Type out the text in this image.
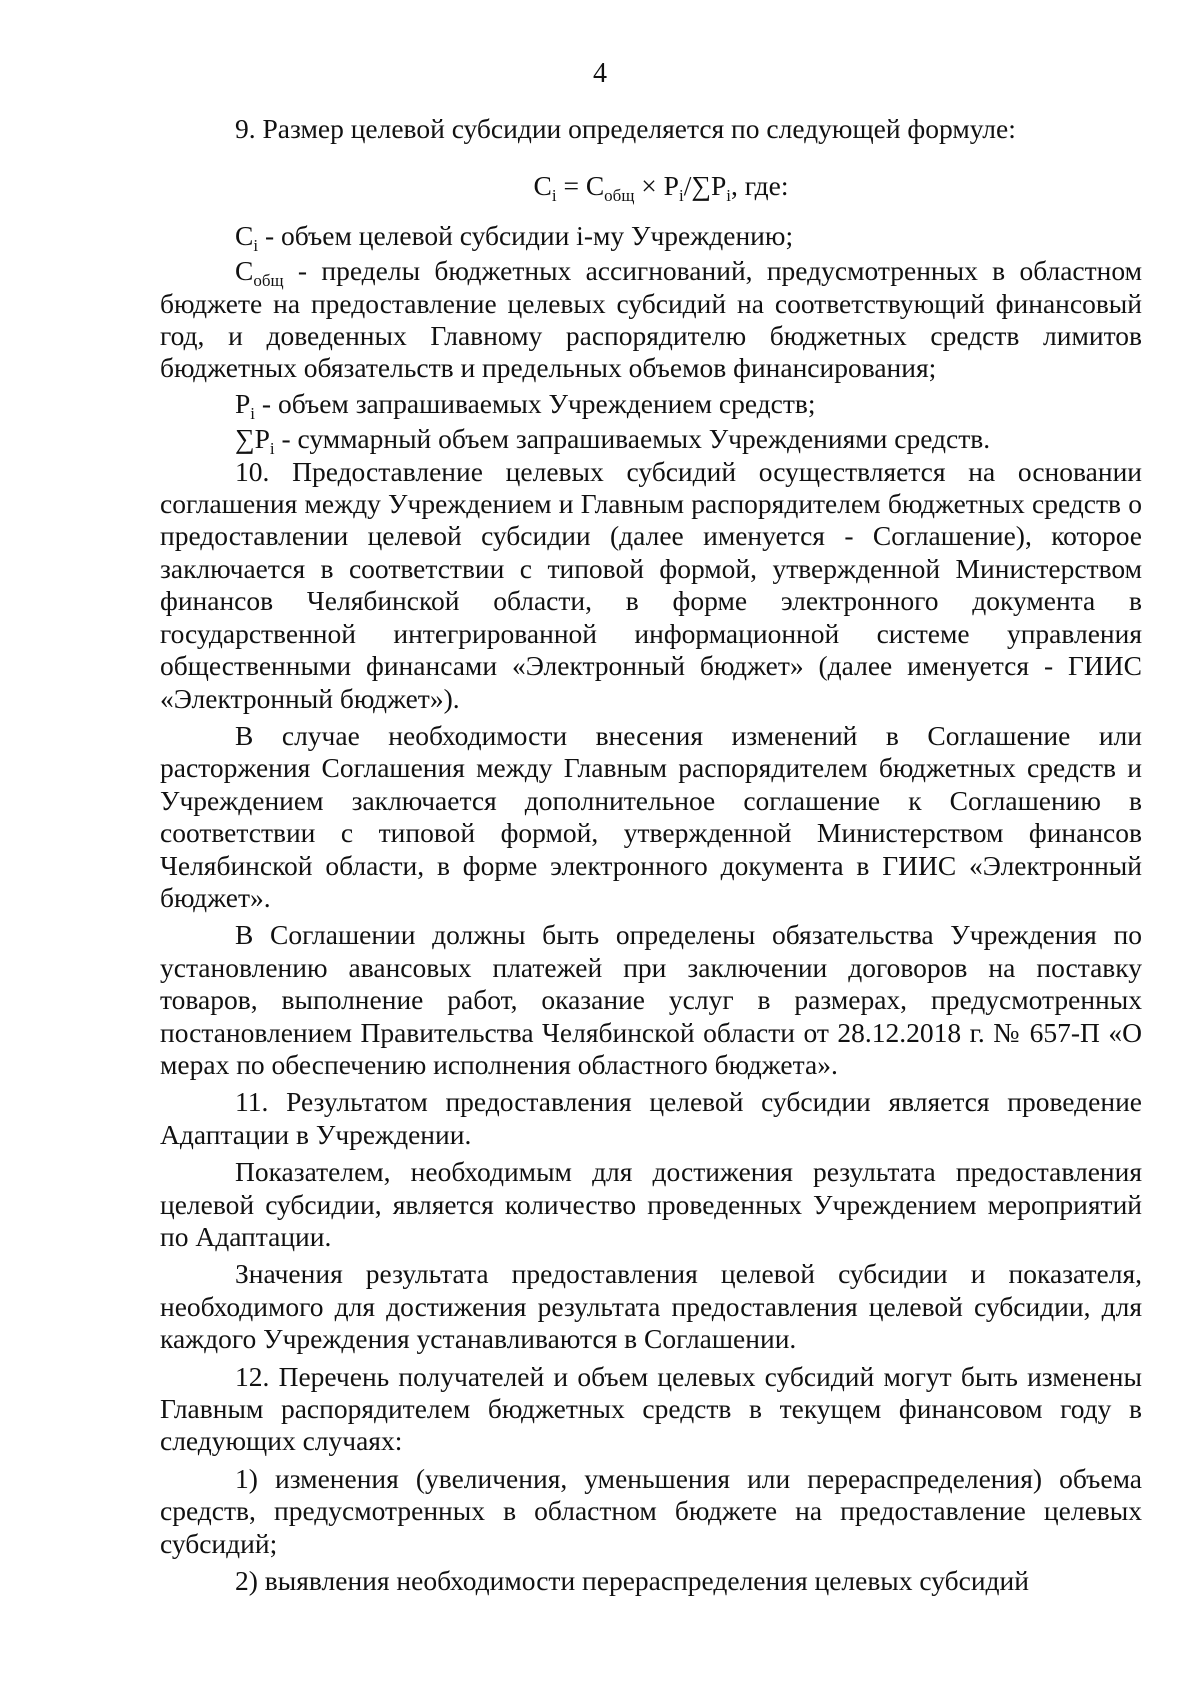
4

9. Размер целевой субсидии определяется по следующей формуле:

$C_i = C_{общ} \times P_i/\sum P_i$, где:

$C_i$ - объем целевой субсидии i-му Учреждению;

$C_{общ}$ - пределы бюджетных ассигнований, предусмотренных в областном бюджете на предоставление целевых субсидий на соответствующий финансовый год, и доведенных Главному распорядителю бюджетных средств лимитов бюджетных обязательств и предельных объемов финансирования;

$P_i$ - объем запрашиваемых Учреждением средств;

$\sum P_i$ - суммарный объем запрашиваемых Учреждениями средств.

10. Предоставление целевых субсидий осуществляется на основании соглашения между Учреждением и Главным распорядителем бюджетных средств о предоставлении целевой субсидии (далее именуется - Соглашение), которое заключается в соответствии с типовой формой, утвержденной Министерством финансов Челябинской области, в форме электронного документа в государственной интегрированной информационной системе управления общественными финансами «Электронный бюджет» (далее именуется - ГИИС «Электронный бюджет»).

В случае необходимости внесения изменений в Соглашение или расторжения Соглашения между Главным распорядителем бюджетных средств и Учреждением заключается дополнительное соглашение к Соглашению в соответствии с типовой формой, утвержденной Министерством финансов Челябинской области, в форме электронного документа в ГИИС «Электронный бюджет».

В Соглашении должны быть определены обязательства Учреждения по установлению авансовых платежей при заключении договоров на поставку товаров, выполнение работ, оказание услуг в размерах, предусмотренных постановлением Правительства Челябинской области от 28.12.2018 г. № 657-П «О мерах по обеспечению исполнения областного бюджета».

11. Результатом предоставления целевой субсидии является проведение Адаптации в Учреждении.

Показателем, необходимым для достижения результата предоставления целевой субсидии, является количество проведенных Учреждением мероприятий по Адаптации.

Значения результата предоставления целевой субсидии и показателя, необходимого для достижения результата предоставления целевой субсидии, для каждого Учреждения устанавливаются в Соглашении.

12. Перечень получателей и объем целевых субсидий могут быть изменены Главным распорядителем бюджетных средств в текущем финансовом году в следующих случаях:

1) изменения (увеличения, уменьшения или перераспределения) объема средств, предусмотренных в областном бюджете на предоставление целевых субсидий;

2) выявления необходимости перераспределения целевых субсидий
